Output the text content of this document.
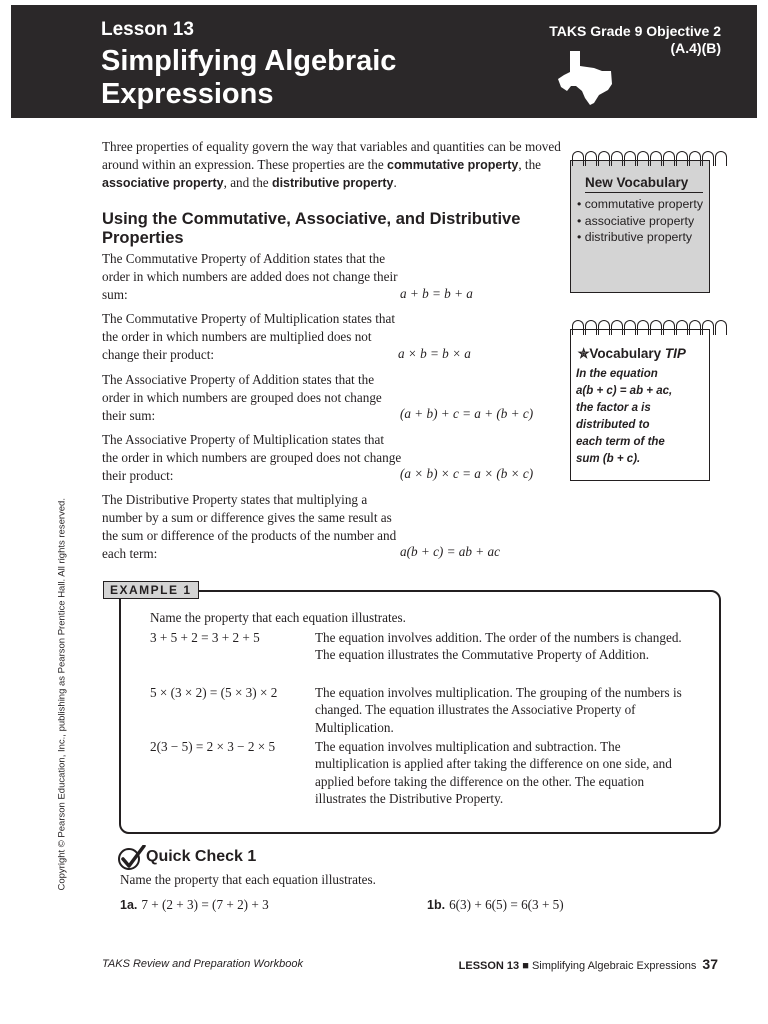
Lesson 13
Simplifying Algebraic
Expressions
TAKS Grade 9 Objective 2
(A.4)(B)
Copyright © Pearson Education, Inc., publishing as Pearson Prentice Hall. All rights reserved.
Three properties of equality govern the way that variables and quantities can be moved around within an expression. These properties are the commutative property, the associative property, and the distributive property.
Using the Commutative, Associative, and Distributive Properties
The Commutative Property of Addition states that the order in which numbers are added does not change their sum:	a + b = b + a
The Commutative Property of Multiplication states that the order in which numbers are multiplied does not change their product:	a × b = b × a
The Associative Property of Addition states that the order in which numbers are grouped does not change their sum:	(a + b) + c = a + (b + c)
The Associative Property of Multiplication states that the order in which numbers are grouped does not change their product:	(a × b) × c = a × (b × c)
The Distributive Property states that multiplying a number by a sum or difference gives the same result as the sum or difference of the products of the number and each term:	a(b + c) = ab + ac
New Vocabulary
• commutative property
• associative property
• distributive property
✮Vocabulary TIP
In the equation
a(b + c) = ab + ac,
the factor a is
distributed to
each term of the
sum (b + c).
EXAMPLE 1
Name the property that each equation illustrates.
3 + 5 + 2 = 3 + 2 + 5	The equation involves addition. The order of the numbers is changed. The equation illustrates the Commutative Property of Addition.
5 × (3 × 2) = (5 × 3) × 2	The equation involves multiplication. The grouping of the numbers is changed. The equation illustrates the Associative Property of Multiplication.
2(3 − 5) = 2 × 3 − 2 × 5	The equation involves multiplication and subtraction. The multiplication is applied after taking the difference on one side, and applied before taking the difference on the other. The equation illustrates the Distributive Property.
Quick Check 1
Name the property that each equation illustrates.
1a. 7 + (2 + 3) = (7 + 2) + 3	1b. 6(3) + 6(5) = 6(3 + 5)
TAKS Review and Preparation Workbook	LESSON 13 ■ Simplifying Algebraic Expressions 37
